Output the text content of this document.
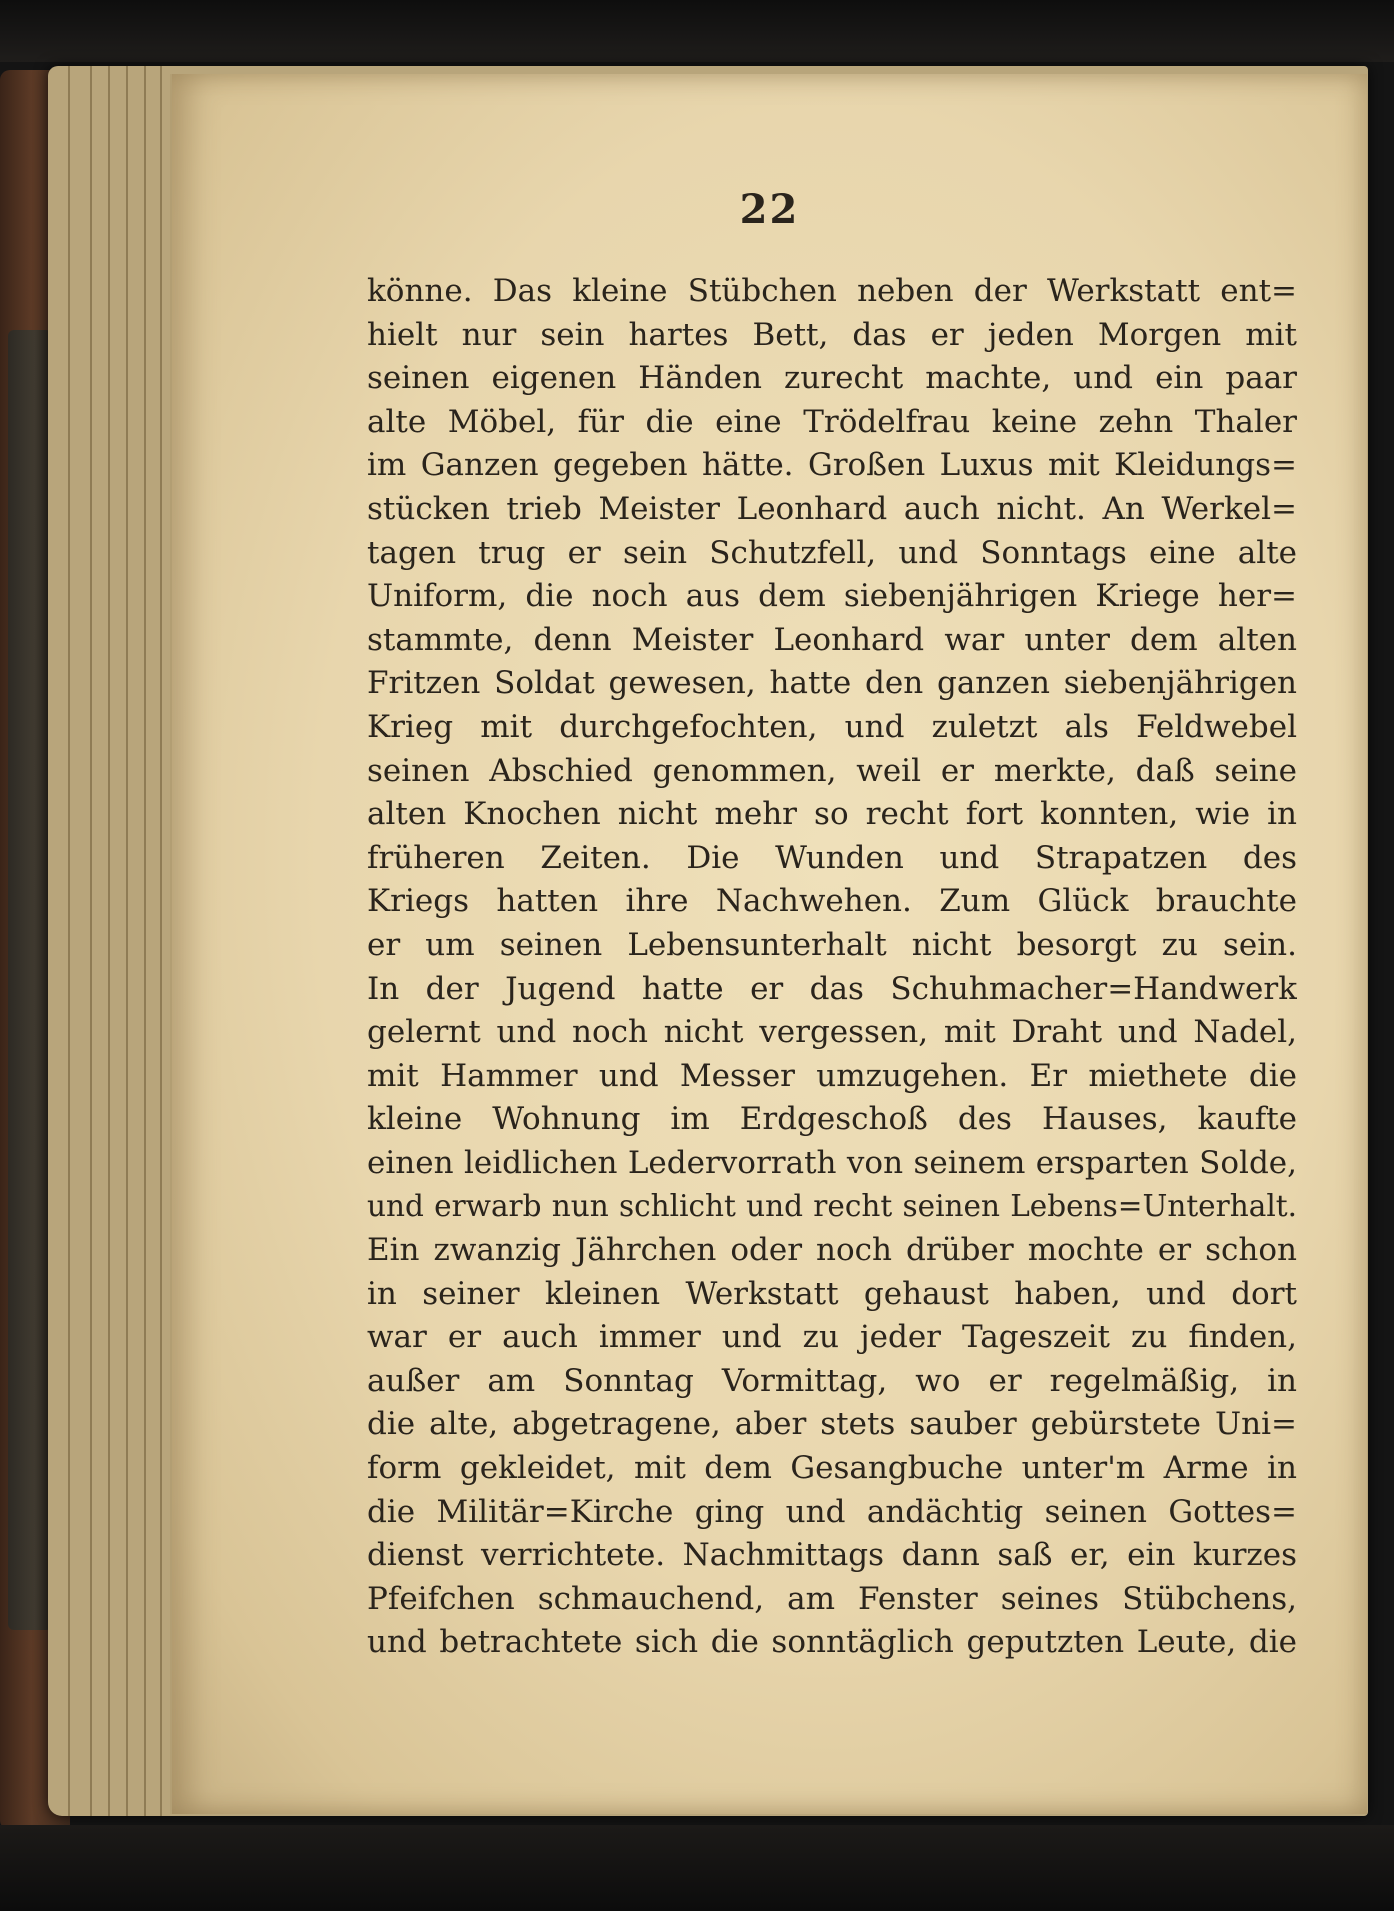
22
könne. Das kleine Stübchen neben der Werkstatt ent=
hielt nur sein hartes Bett, das er jeden Morgen mit
seinen eigenen Händen zurecht machte, und ein paar
alte Möbel, für die eine Trödelfrau keine zehn Thaler
im Ganzen gegeben hätte. Großen Luxus mit Kleidungs=
stücken trieb Meister Leonhard auch nicht. An Werkel=
tagen trug er sein Schutzfell, und Sonntags eine alte
Uniform, die noch aus dem siebenjährigen Kriege her=
stammte, denn Meister Leonhard war unter dem alten
Fritzen Soldat gewesen, hatte den ganzen siebenjährigen
Krieg mit durchgefochten, und zuletzt als Feldwebel
seinen Abschied genommen, weil er merkte, daß seine
alten Knochen nicht mehr so recht fort konnten, wie in
früheren Zeiten. Die Wunden und Strapatzen des
Kriegs hatten ihre Nachwehen. Zum Glück brauchte
er um seinen Lebensunterhalt nicht besorgt zu sein.
In der Jugend hatte er das Schuhmacher=Handwerk
gelernt und noch nicht vergessen, mit Draht und Nadel,
mit Hammer und Messer umzugehen. Er miethete die
kleine Wohnung im Erdgeschoß des Hauses, kaufte
einen leidlichen Ledervorrath von seinem ersparten Solde,
und erwarb nun schlicht und recht seinen Lebens=Unterhalt.
Ein zwanzig Jährchen oder noch drüber mochte er schon
in seiner kleinen Werkstatt gehaust haben, und dort
war er auch immer und zu jeder Tageszeit zu finden,
außer am Sonntag Vormittag, wo er regelmäßig, in
die alte, abgetragene, aber stets sauber gebürstete Uni=
form gekleidet, mit dem Gesangbuche unter'm Arme in
die Militär=Kirche ging und andächtig seinen Gottes=
dienst verrichtete. Nachmittags dann saß er, ein kurzes
Pfeifchen schmauchend, am Fenster seines Stübchens,
und betrachtete sich die sonntäglich geputzten Leute, die
